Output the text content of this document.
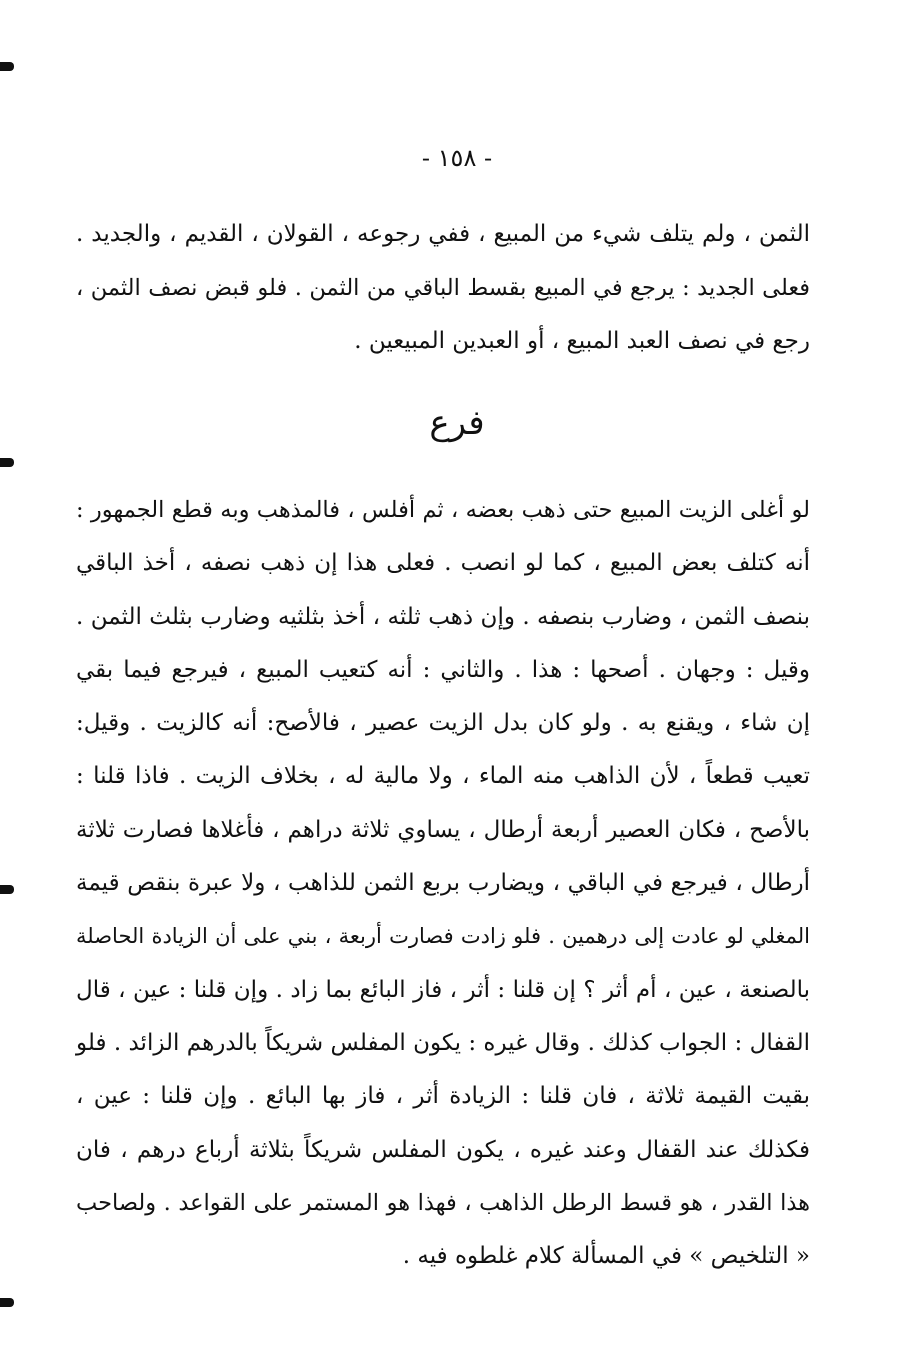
- ١٥٨ -
الثمن ، ولم يتلف شيء من المبيع ، ففي رجوعه ، القولان ، القديم ، والجديد .
فعلى الجديد : يرجع في المبيع بقسط الباقي من الثمن . فلو قبض نصف الثمن ،
رجع في نصف العبد المبيع ، أو العبدين المبيعين .
فرع
لو أغلى الزيت المبيع حتى ذهب بعضه ، ثم أفلس ، فالمذهب وبه قطع الجمهور :
أنه كتلف بعض المبيع ، كما لو انصب . فعلى هذا إن ذهب نصفه ، أخذ الباقي
بنصف الثمن ، وضارب بنصفه . وإن ذهب ثلثه ، أخذ بثلثيه وضارب بثلث الثمن .
وقيل : وجهان . أصحها : هذا . والثاني : أنه كتعيب المبيع ، فيرجع فيما بقي
إن شاء ، ويقنع به . ولو كان بدل الزيت عصير ، فالأصح: أنه كالزيت . وقيل:
تعيب قطعاً ، لأن الذاهب منه الماء ، ولا مالية له ، بخلاف الزيت . فاذا قلنا :
بالأصح ، فكان العصير أربعة أرطال ، يساوي ثلاثة دراهم ، فأغلاها فصارت ثلاثة
أرطال ، فيرجع في الباقي ، ويضارب بربع الثمن للذاهب ، ولا عبرة بنقص قيمة
المغلي لو عادت إلى درهمين . فلو زادت فصارت أربعة ، بني على أن الزيادة الحاصلة
بالصنعة ، عين ، أم أثر ؟ إن قلنا : أثر ، فاز البائع بما زاد . وإن قلنا : عين ، قال
القفال : الجواب كذلك . وقال غيره : يكون المفلس شريكاً بالدرهم الزائد . فلو
بقيت القيمة ثلاثة ، فان قلنا : الزيادة أثر ، فاز بها البائع . وإن قلنا : عين ،
فكذلك عند القفال وعند غيره ، يكون المفلس شريكاً بثلاثة أرباع درهم ، فان
هذا القدر ، هو قسط الرطل الذاهب ، فهذا هو المستمر على القواعد . ولصاحب
« التلخيص » في المسألة كلام غلطوه فيه .
